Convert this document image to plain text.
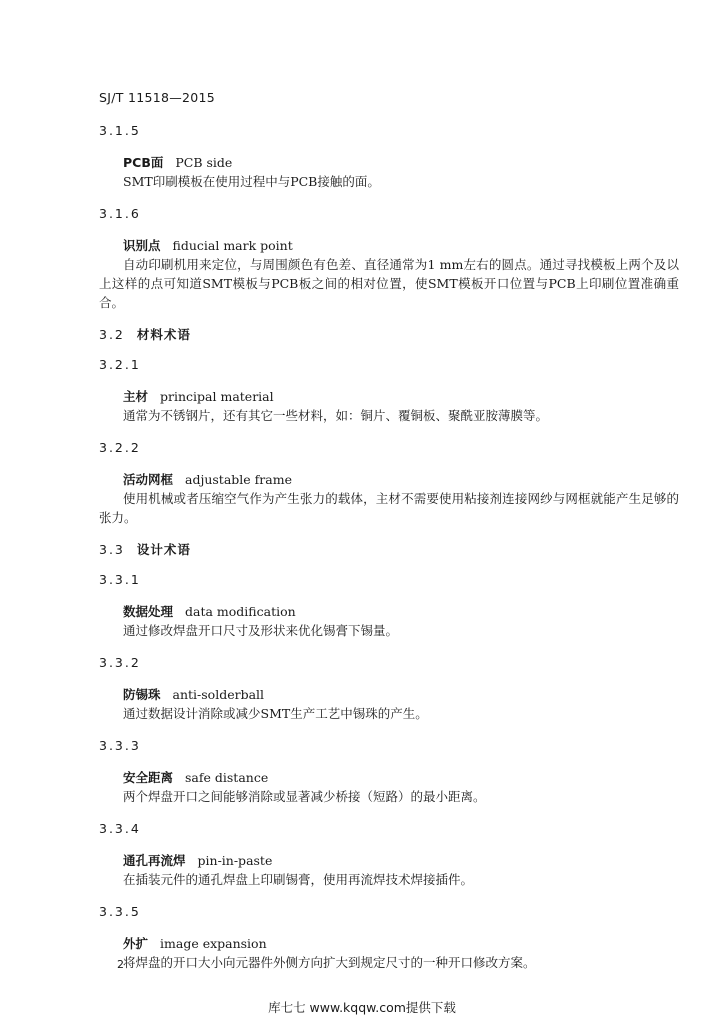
SJ/T 11518—2015
3.1.5
PCB面 PCB side
SMT印刷模板在使用过程中与PCB接触的面。
3.1.6
识别点 fiducial mark point
自动印刷机用来定位，与周围颜色有色差、直径通常为1 mm左右的圆点。通过寻找模板上两个及以上这样的点可知道SMT模板与PCB板之间的相对位置，使SMT模板开口位置与PCB上印刷位置准确重合。
3.2 材料术语
3.2.1
主材 principal material
通常为不锈钢片，还有其它一些材料，如：铜片、覆铜板、聚酰亚胺薄膜等。
3.2.2
活动网框 adjustable frame
使用机械或者压缩空气作为产生张力的载体，主材不需要使用粘接剂连接网纱与网框就能产生足够的张力。
3.3 设计术语
3.3.1
数据处理 data modification
通过修改焊盘开口尺寸及形状来优化锡膏下锡量。
3.3.2
防锡珠 anti-solderball
通过数据设计消除或减少SMT生产工艺中锡珠的产生。
3.3.3
安全距离 safe distance
两个焊盘开口之间能够消除或显著减少桥接（短路）的最小距离。
3.3.4
通孔再流焊 pin-in-paste
在插装元件的通孔焊盘上印刷锡膏，使用再流焊技术焊接插件。
3.3.5
外扩 image expansion
将焊盘的开口大小向元器件外侧方向扩大到规定尺寸的一种开口修改方案。
2
库七七 www.kqqw.com提供下载
